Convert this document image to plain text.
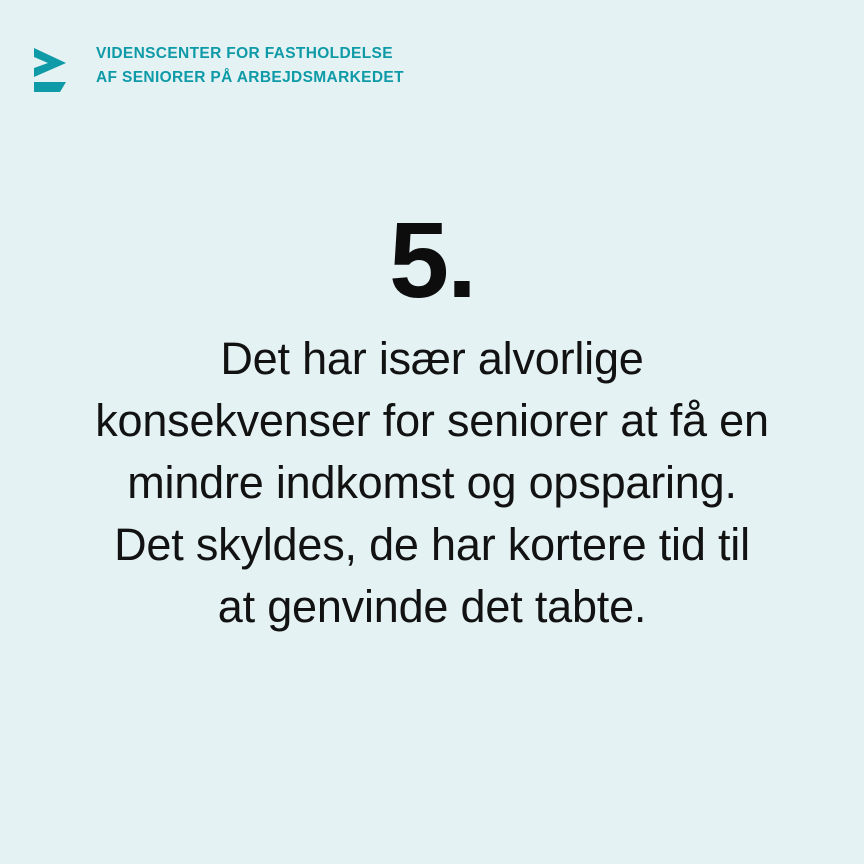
VIDENSCENTER FOR FASTHOLDELSE
AF SENIORER PÅ ARBEJDSMARKEDET
5.
Det har især alvorlige
konsekvenser for seniorer at få en
mindre indkomst og opsparing.
Det skyldes, de har kortere tid til
at genvinde det tabte.
